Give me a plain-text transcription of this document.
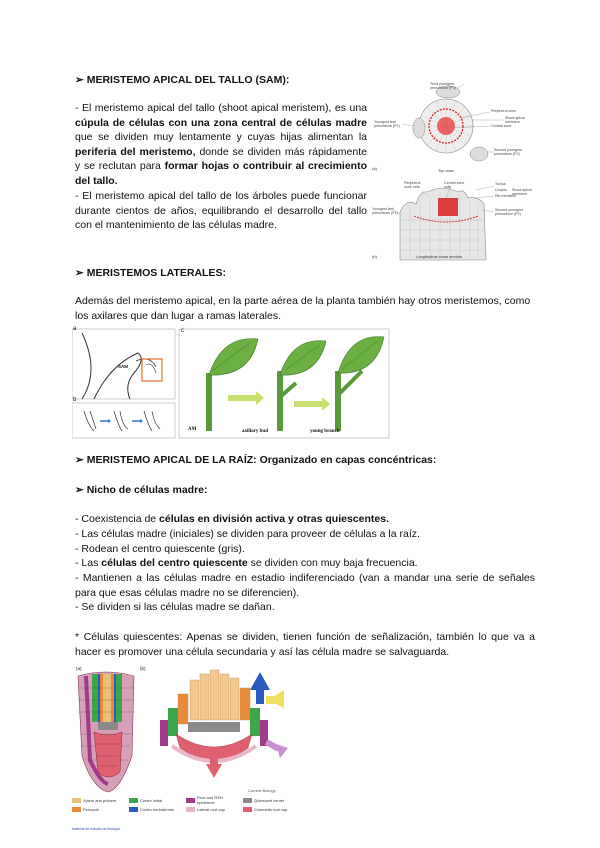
➢ MERISTEMO APICAL DEL TALLO (SAM):
- El meristemo apical del tallo (shoot apical meristem), es una cúpula de células con una zona central de células madre que se dividen muy lentamente y cuyas hijas alimentan la periferia del meristemo, donde se dividen más rápidamente y se reclutan para formar hojas o contribuir al crecimiento del tallo.
- El meristemo apical del tallo de los árboles puede funcionar durante cientos de años, equilibrando el desarrollo del tallo con el mantenimiento de las células madre.
Third youngest primordium (P3)
Youngest leaf primordium (P1)
Peripheral zone
Central zone
Shoot apical meristem
Second youngest primordium (P2)
(a)	Top view
Peripheral zone cells
Central zone cells
Tunica
Corpus
Rib meristem
Shoot apical meristem
Youngest leaf primordium (P1)
Second youngest primordium (P2)
(b)	Longitudinal cross section
➢ MERISTEMOS LATERALES:
Además del meristemo apical, en la parte aérea de la planta también hay otros meristemos, como los axilares que dan lugar a ramas laterales.
a
b
c
SAM
AM	axillary bud	young branch
➢ MERISTEMO APICAL DE LA RAÍZ: Organizado en capas concéntricas:
➢ Nicho de células madre:
- Coexistencia de células en división activa y otras quiescentes.
- Las células madre (iniciales) se dividen para proveer de células a la raíz.
- Rodean el centro quiescente (gris).
- Las células del centro quiescente se dividen con muy baja frecuencia.
- Mantienen a las células madre en estadio indiferenciado (van a mandar una serie de señales para que esas células madre no se diferencien).
- Se dividen si las células madre se dañan.
* Células quiescentes: Apenas se dividen, tienen función de señalización, también lo que va a hacer es promover una célula secundaria y así las célula madre se salvaguarda.
(a)	(b)
Current Biology
Xylem and phloem	Cortex initial	Root and RSH epidermis	Quiescent center
Pericycle	Cortex endodermis	Lateral root cap	Columella root cap
material de estudio de biología
